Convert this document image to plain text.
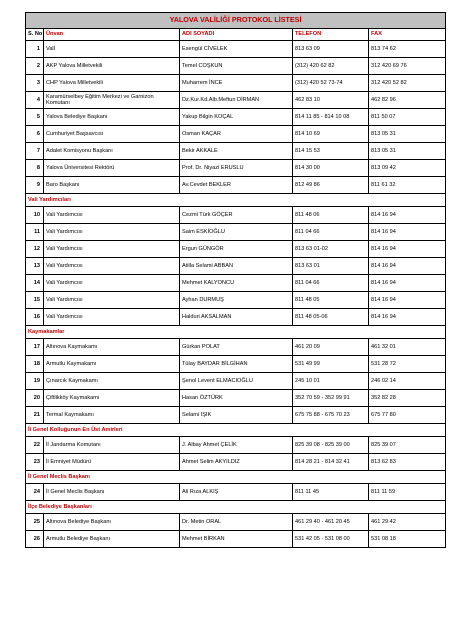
YALOVA VALİLİĞİ PROTOKOL LİSTESİ				
S. No	Ünvan	ADI SOYADI	TELEFON	FAX
1	Valİ	Esengül CİVELEK	813 63 09	813 74 62
2	AKP Yalova Milletvekili	Temel COŞKUN	(312) 420 62 82	312 420 69 76
3	CHP Yalova Milletvekili	Muharrem İNCE	(312) 420 52 73-74	312 420 52 82
4	Karamürselbey Eğitim Merkezi ve Garnizon Komutanı	Dz.Kur.Kd.Alb.Meftun DİRMAN	462 83 10	462 82 96
5	Yalova Belediye Başkanı	Yakup Bilgin KOÇAL	814 11 85 - 814 10 08	811 50 07
6	Cumhuriyet Başsavcısı	Osman KAÇAR	814 10 69	813 05 31
7	Adalet Komisyonu Başkanı	Bekir AKKALE	814 15 53	813 05 31
8	Yalova Üniversitesi Rektörü	Prof. Dr. Niyazi ERUSLU	814 30 00	813 09 42
9	Baro Başkanı	Av.Cevdet BEKLER	812 49 86	811 61 32
Vali Yardımcıları				
10	Vali Yardımcısı	Cezmi Türk GÖÇER	811 48 06	814 16 94
11	Vali Yardımcısı	Saim ESKİOĞLU	811 04 66	814 16 94
12	Vali Yardımcısı	Ergun GÜNGÖR	813 63 01-02	814 16 94
13	Vali Yardımcısı	Atilla Selami ABBAN	813 63 01	814 16 94
14	Vali Yardımcısı	Mehmet KALYONCU	811 04 66	814 16 94
15	Vali Yardımcısı	Ayhan DURMUŞ	811 48 05	814 16 94
16	Vali Yardımcısı	Halduri AKSALMAN	811 48 05-06	814 16 94
Kaymakamlar				
17	Altınova Kaymakamı	Gürkan POLAT	461 20 09	461 32 01
18	Armutlu Kaymakamı	Tülay BAYDAR BİLGİHAN	531 49 99	531 28 72
19	Çınarcık Kaymakamı	Şenol Levent ELMACIOĞLU	245 10 01	246 02 14
20	Çiftlikköy Kaymakamı	Hasan ÖZTÜRK	352 70 59 - 352 99 91	352 82 28
21	Termal Kaymakamı	Selami IŞIK	675 75 88 - 675 70 23	675 77 80
İl Genel Kolluğunun En Üst Amirleri				
22	İl Jandarma Komutanı	J. Albay Ahmet ÇELİK	825 39 08 - 825 39 00	825 39 07
23	İl Emniyet Müdürü	Ahmet Selim AKYILDIZ	814 28 21 - 814 32 41	813 62 83
İl Genel Meclis Başkanı				
24	İl Genel Meclis Başkanı	Ali Rıza ALKIŞ	811 11 45	811 11 59
İlçe Belediye Başkanları				
25	Altınova Belediye Başkanı	Dr. Metin ORAL	461 29 40 - 461 20 45	461 29 42
26	Armutlu Belediye Başkanı	Mehmet BİRKAN	531 42 05 - 531 08 00	531 08 18
